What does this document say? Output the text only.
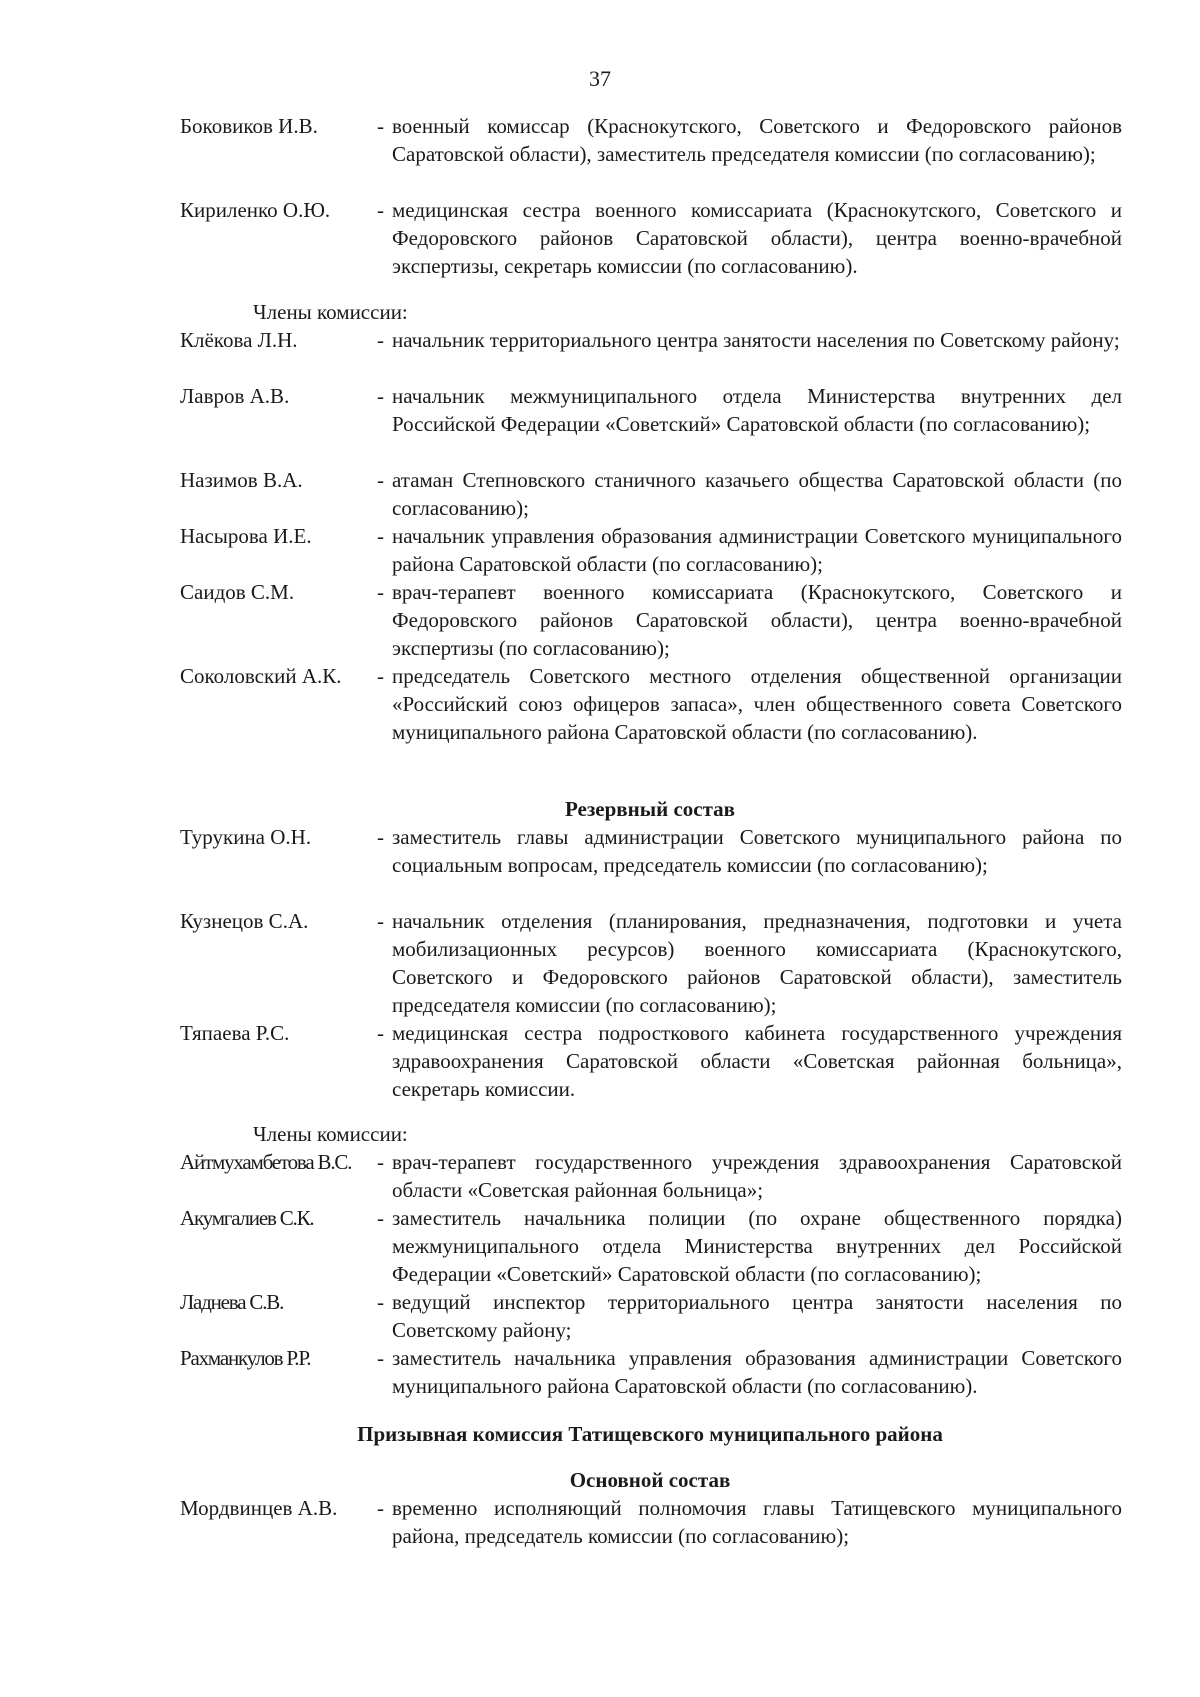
37
Боковиков И.В.	- военный комиссар (Краснокутского, Советского и Федоровского районов Саратовской области), заместитель председателя комиссии (по согласованию);
Кириленко О.Ю.	- медицинская сестра военного комиссариата (Краснокутского, Советского и Федоровского районов Саратовской области), центра военно-врачебной экспертизы, секретарь комиссии (по согласованию).
Члены комиссии:
Клёкова Л.Н.	- начальник территориального центра занятости населения по Советскому району;
Лавров А.В.	- начальник межмуниципального отдела Министерства внутренних дел Российской Федерации «Советский» Саратовской области (по согласованию);
Назимов В.А.	- атаман Степновского станичного казачьего общества Саратовской области (по согласованию);
Насырова И.Е.	- начальник управления образования администрации Советского муниципального района Саратовской области (по согласованию);
Саидов С.М.	- врач-терапевт военного комиссариата (Краснокутского, Советского и Федоровского районов Саратовской области), центра военно-врачебной экспертизы (по согласованию);
Соколовский А.К.	- председатель Советского местного отделения общественной организации «Российский союз офицеров запаса», член общественного совета Советского муниципального района Саратовской области (по согласованию).
Резервный состав
Турукина О.Н.	- заместитель главы администрации Советского муниципального района по социальным вопросам, председатель комиссии (по согласованию);
Кузнецов С.А.	- начальник отделения (планирования, предназначения, подготовки и учета мобилизационных ресурсов) военного комиссариата (Краснокутского, Советского и Федоровского районов Саратовской области), заместитель председателя комиссии (по согласованию);
Тяпаева Р.С.	- медицинская сестра подросткового кабинета государственного учреждения здравоохранения Саратовской области «Советская районная больница», секретарь комиссии.
Члены комиссии:
Айтмухамбетова В.С.	- врач-терапевт государственного учреждения здравоохранения Саратовской области «Советская районная больница»;
Акумгалиев С.К.	- заместитель начальника полиции (по охране общественного порядка) межмуниципального отдела Министерства внутренних дел Российской Федерации «Советский» Саратовской области (по согласованию);
Ладнева С.В.	- ведущий инспектор территориального центра занятости населения по Советскому району;
Рахманкулов Р.Р.	- заместитель начальника управления образования администрации Советского муниципального района Саратовской области (по согласованию).
Призывная комиссия Татищевского муниципального района
Основной состав
Мордвинцев А.В.	- временно исполняющий полномочия главы Татищевского муниципального района, председатель комиссии (по согласованию);
